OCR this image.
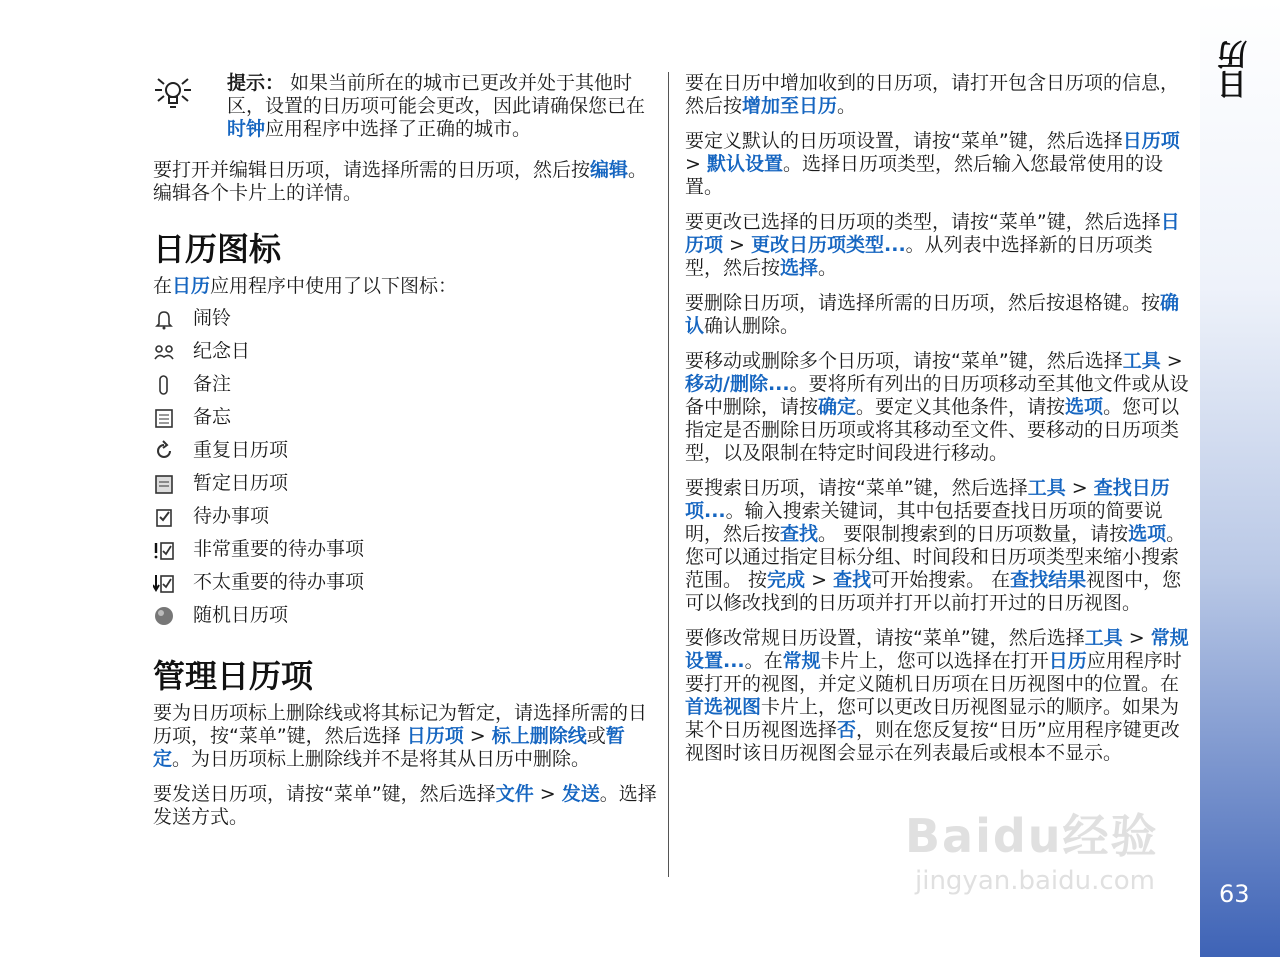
提示： 如果当前所在的城市已更改并处于其他时区，设置的日历项可能会更改，因此请确保您已在时钟应用程序中选择了正确的城市。

要打开并编辑日历项，请选择所需的日历项，然后按编辑。编辑各个卡片上的详情。

日历图标

在日历应用程序中使用了以下图标：

闹铃
纪念日
备注
备忘
重复日历项
暂定日历项
待办事项
非常重要的待办事项
不太重要的待办事项
随机日历项
管理日历项

要为日历项标上删除线或将其标记为暂定，请选择所需的日历项，按“菜单”键，然后选择 日历项 > 标上删除线或暂定。为日历项标上删除线并不是将其从日历中删除。

要发送日历项，请按“菜单”键，然后选择文件 > 发送。选择发送方式。

要在日历中增加收到的日历项，请打开包含日历项的信息，然后按增加至日历。

要定义默认的日历项设置，请按“菜单”键，然后选择日历项 > 默认设置。选择日历项类型，然后输入您最常使用的设置。

要更改已选择的日历项的类型，请按“菜单”键，然后选择日历项 > 更改日历项类型...。从列表中选择新的日历项类型，然后按选择。

要删除日历项，请选择所需的日历项，然后按退格键。按确认确认删除。

要移动或删除多个日历项，请按“菜单”键，然后选择工具 > 移动/删除...。要将所有列出的日历项移动至其他文件或从设备中删除，请按确定。要定义其他条件，请按选项。您可以指定是否删除日历项或将其移动至文件、要移动的日历项类型，以及限制在特定时间段进行移动。

要搜索日历项，请按“菜单”键，然后选择工具 > 查找日历项...。输入搜索关键词，其中包括要查找日历项的简要说明，然后按查找。 要限制搜索到的日历项数量，请按选项。您可以通过指定目标分组、时间段和日历项类型来缩小搜索范围。 按完成 > 查找可开始搜索。 在查找结果视图中，您可以修改找到的日历项并打开以前打开过的日历视图。

要修改常规日历设置，请按“菜单”键，然后选择工具 > 常规设置...。在常规卡片上，您可以选择在打开日历应用程序时要打开的视图，并定义随机日历项在日历视图中的位置。在首选视图卡片上，您可以更改日历视图显示的顺序。如果为某个日历视图选择否，则在您反复按“日历”应用程序键更改视图时该日历视图会显示在列表最后或根本不显示。

日历
63
Baidu经验
jingyan.baidu.com
